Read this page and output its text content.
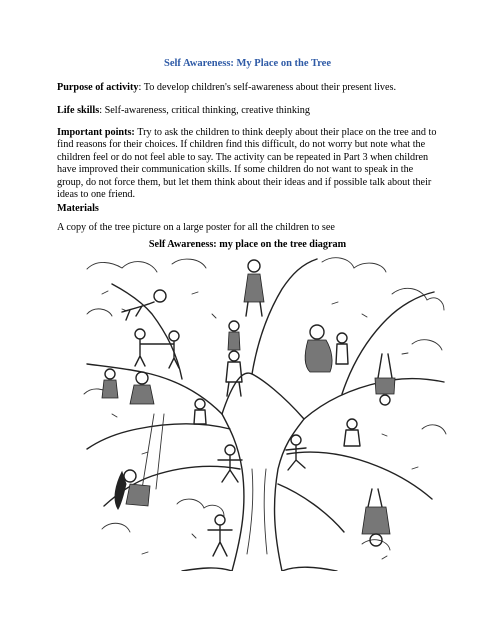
Self Awareness: My Place on the Tree
Purpose of activity: To develop children's self-awareness about their present lives.
Life skills: Self-awareness, critical thinking, creative thinking
Important points: Try to ask the children to think deeply about their place on the tree and to find reasons for their choices. If children find this difficult, do not worry but note what the children feel or do not feel able to say. The activity can be repeated in Part 3 when children have improved their communication skills. If some children do not want to speak in the group, do not force them, but let them think about their ideas and if possible talk about their ideas to one friend.
Materials
A copy of the tree picture on a large poster for all the children to see
Self Awareness: my place on the tree diagram
